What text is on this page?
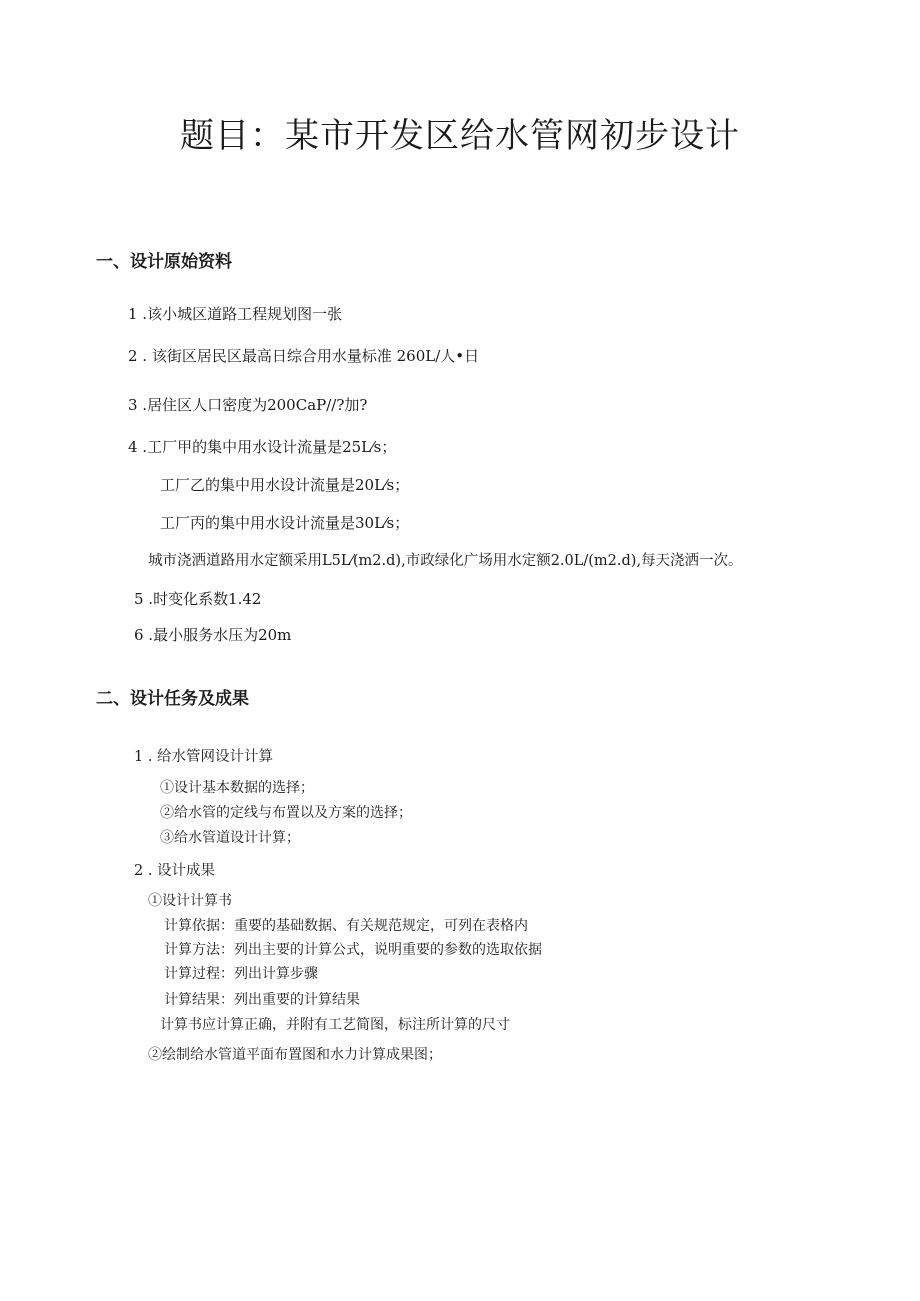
题目：某市开发区给水管网初步设计
一、设计原始资料
1 .该小城区道路工程规划图一张
2 . 该街区居民区最高日综合用水量标准 260L/人•日
3 .居住区人口密度为200CaP//?加?
4 .工厂甲的集中用水设计流量是25L⁄s；
工厂乙的集中用水设计流量是20L⁄s；
工厂丙的集中用水设计流量是30L⁄s；
城市浇洒道路用水定额采用L5L⁄(m2.d),市政绿化广场用水定额2.0L/(m2.d),每天浇洒一次。
5 .时变化系数1.42
6 .最小服务水压为20m
二、设计任务及成果
1 . 给水管网设计计算
①设计基本数据的选择；
②给水管的定线与布置以及方案的选择；
③给水管道设计计算；
2 . 设计成果
①设计计算书
计算依据：重要的基础数据、有关规范规定，可列在表格内
计算方法：列出主要的计算公式，说明重要的参数的选取依据
计算过程：列出计算步骤
计算结果：列出重要的计算结果
计算书应计算正确，并附有工艺简图，标注所计算的尺寸
②绘制给水管道平面布置图和水力计算成果图；
